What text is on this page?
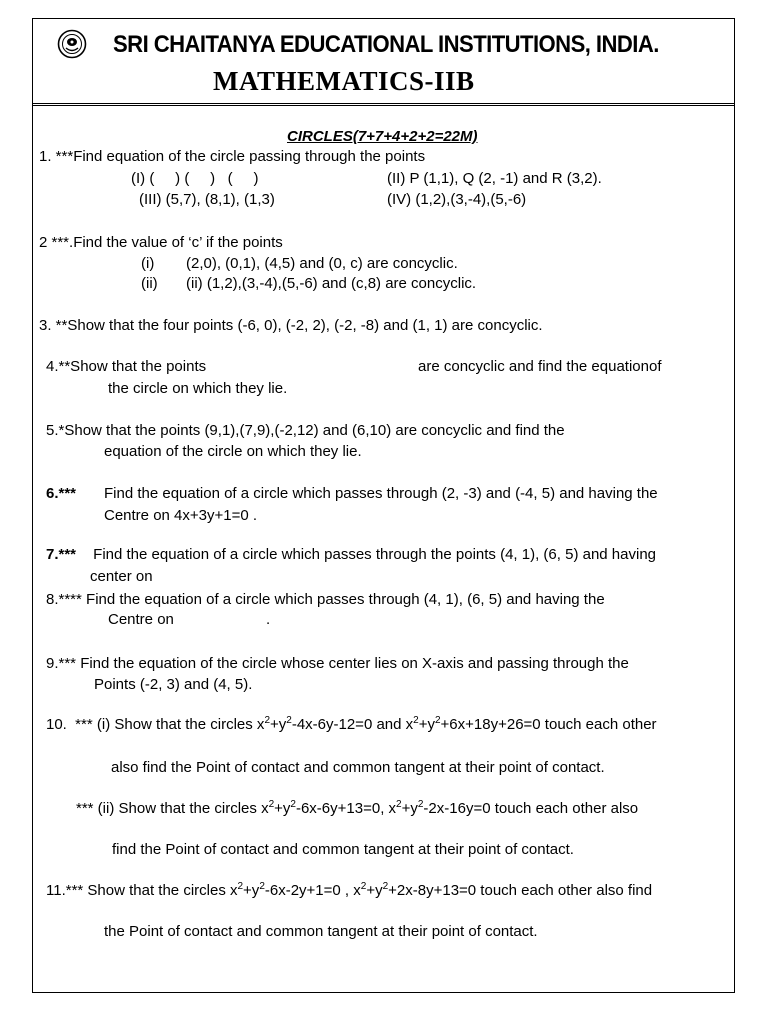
SRI CHAITANYA EDUCATIONAL INSTITUTIONS, INDIA.
MATHEMATICS-IIB
CIRCLES(7+7+4+2+2=22M)
1. ***Find equation of the circle passing through the points
(I) (     ) (     )   (     )	(II) P (1,1), Q (2, -1) and R (3,2).
(III) (5,7), (8,1), (1,3)	(IV) (1,2),(3,-4),(5,-6)
2 ***.Find the value of ‘c’ if the points
(i) (2,0), (0,1), (4,5) and (0, c) are concyclic.
(ii) (ii) (1,2),(3,-4),(5,-6) and (c,8) are concyclic.
3. **Show that the four points (-6, 0), (-2, 2), (-2, -8) and (1, 1) are concyclic.
4.**Show that the points	are concyclic and find the equationof
the circle on which they lie.
5.*Show that the points (9,1),(7,9),(-2,12) and (6,10) are concyclic and find the
equation of the circle on which they lie.
6.*** Find the equation of a circle which passes through (2, -3) and (-4, 5) and having the
Centre on 4x+3y+1=0 .
7.*** Find the equation of a circle which passes through the points (4, 1), (6, 5) and having
center on
8.**** Find the equation of a circle which passes through (4, 1), (6, 5) and having the
Centre on	.
9.*** Find the equation of the circle whose center lies on X-axis and passing through the
Points (-2, 3) and (4, 5).
10.  *** (i) Show that the circles $x^2+y^2-4x-6y-12=0$ and $x^2+y^2+6x+18y+26=0$ touch each other
also find the Point of contact and common tangent at their point of contact.
*** (ii) Show that the circles $x^2+y^2-6x-6y+13=0$, $x^2+y^2-2x-16y=0$ touch each other also
find the Point of contact and common tangent at their point of contact.
11.*** Show that the circles $x^2+y^2-6x-2y+1=0$ , $x^2+y^2+2x-8y+13=0$ touch each other also find
the Point of contact and common tangent at their point of contact.
